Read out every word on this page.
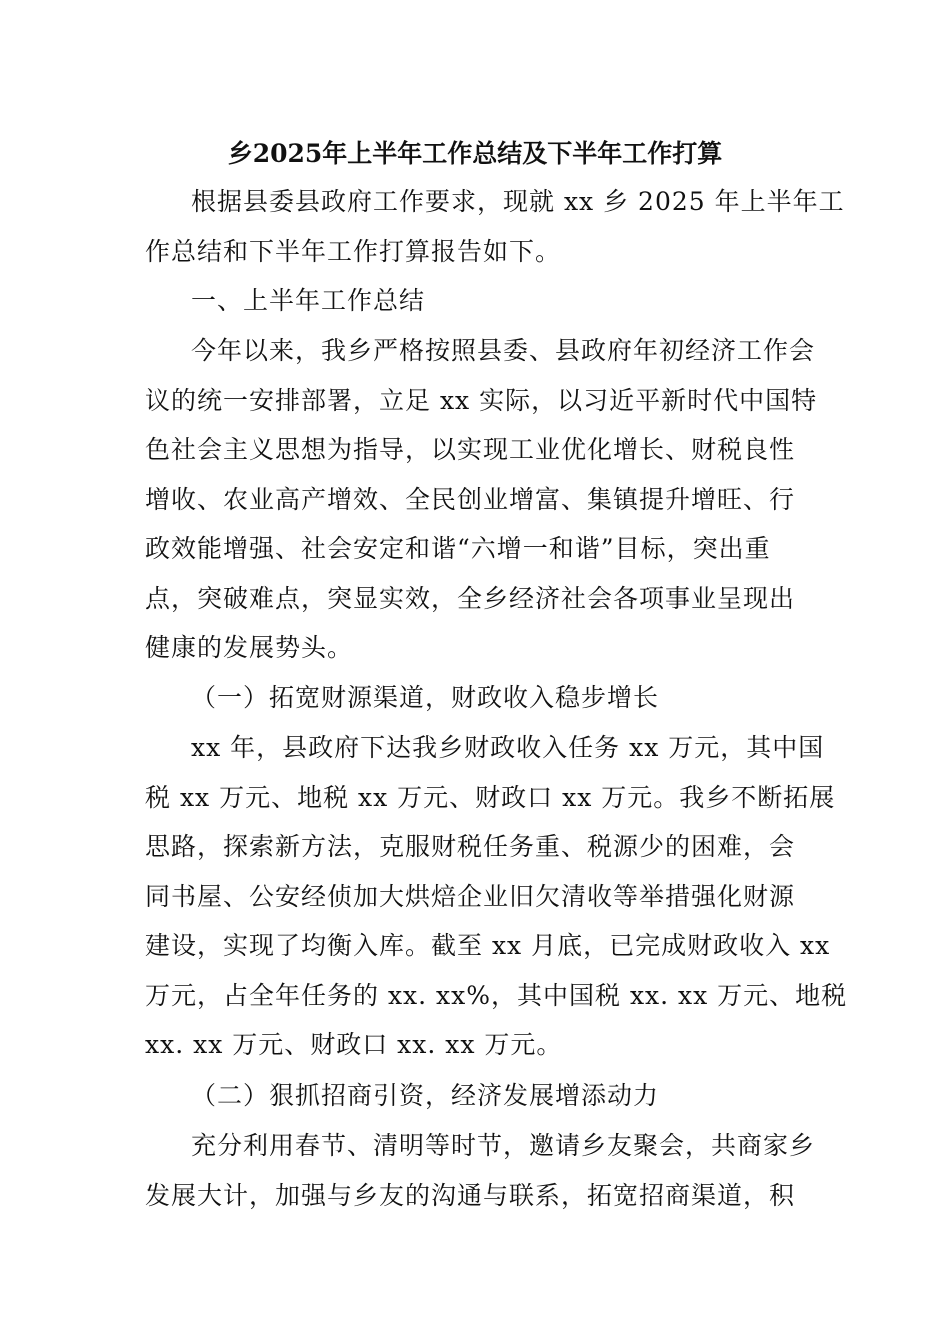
乡2025年上半年工作总结及下半年工作打算
根据县委县政府工作要求，现就 xx 乡 2025 年上半年工
作总结和下半年工作打算报告如下。
一、上半年工作总结
今年以来，我乡严格按照县委、县政府年初经济工作会
议的统一安排部署，立足 xx 实际，以习近平新时代中国特
色社会主义思想为指导，以实现工业优化增长、财税良性
增收、农业高产增效、全民创业增富、集镇提升增旺、行
政效能增强、社会安定和谐“六增一和谐”目标，突出重
点，突破难点，突显实效，全乡经济社会各项事业呈现出
健康的发展势头。
（一）拓宽财源渠道，财政收入稳步增长
xx 年，县政府下达我乡财政收入任务 xx 万元，其中国
税 xx 万元、地税 xx 万元、财政口 xx 万元。我乡不断拓展
思路，探索新方法，克服财税任务重、税源少的困难，会
同书屋、公安经侦加大烘焙企业旧欠清收等举措强化财源
建设，实现了均衡入库。截至 xx 月底，已完成财政收入 xx
万元，占全年任务的 xx. xx%，其中国税 xx. xx 万元、地税
xx. xx 万元、财政口 xx. xx 万元。
（二）狠抓招商引资，经济发展增添动力
充分利用春节、清明等时节，邀请乡友聚会，共商家乡
发展大计，加强与乡友的沟通与联系，拓宽招商渠道，积
